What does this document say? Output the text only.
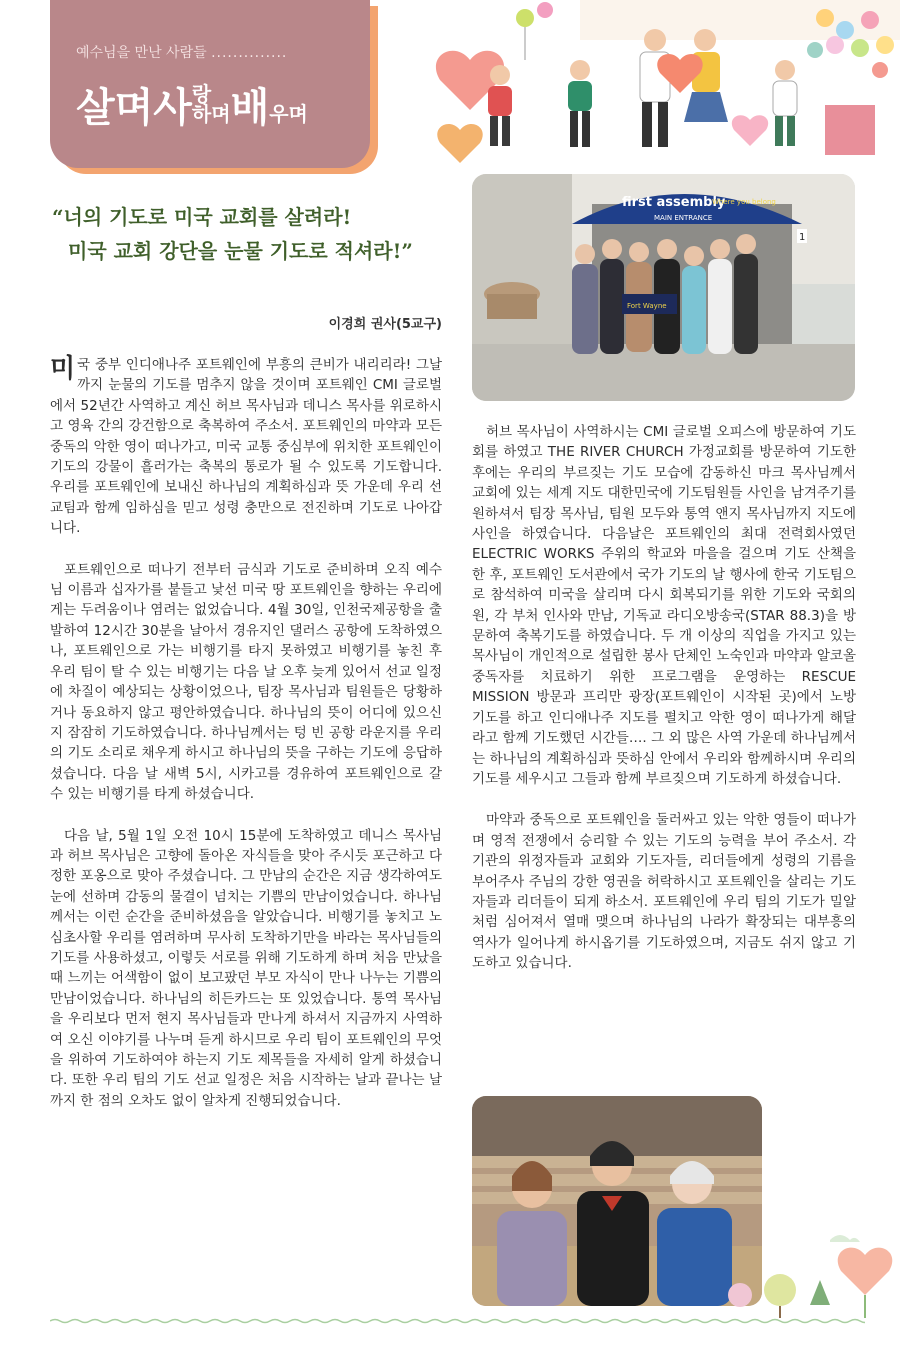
예수님을 만난 사람들 ..............
살며사 랑
하며 배 우며
“너의 기도로 미국 교회를 살려라!
미국 교회 강단을 눈물 기도로 적셔라!”
이경희 권사(5교구)

미국 중부 인디애나주 포트웨인에 부흥의 큰비가 내리리라! 그날까지 눈물의 기도를 멈추지 않을 것이며 포트웨인 CMI 글로벌에서 52년간 사역하고 계신 허브 목사님과 데니스 목사를 위로하시고 영육 간의 강건함으로 축복하여 주소서. 포트웨인의 마약과 모든 중독의 악한 영이 떠나가고, 미국 교통 중심부에 위치한 포트웨인이 기도의 강물이 흘러가는 축복의 통로가 될 수 있도록 기도합니다. 우리를 포트웨인에 보내신 하나님의 계획하심과 뜻 가운데 우리 선교팀과 함께 임하심을 믿고 성령 충만으로 전진하며 기도로 나아갑니다.

포트웨인으로 떠나기 전부터 금식과 기도로 준비하며 오직 예수님 이름과 십자가를 붙들고 낯선 미국 땅 포트웨인을 향하는 우리에게는 두려움이나 염려는 없었습니다. 4월 30일, 인천국제공항을 출발하여 12시간 30분을 날아서 경유지인 댈러스 공항에 도착하였으나, 포트웨인으로 가는 비행기를 타지 못하였고 비행기를 놓친 후 우리 팀이 탈 수 있는 비행기는 다음 날 오후 늦게 있어서 선교 일정에 차질이 예상되는 상황이었으나, 팀장 목사님과 팀원들은 당황하거나 동요하지 않고 평안하였습니다. 하나님의 뜻이 어디에 있으신지 잠잠히 기도하였습니다. 하나님께서는 텅 빈 공항 라운지를 우리의 기도 소리로 채우게 하시고 하나님의 뜻을 구하는 기도에 응답하셨습니다. 다음 날 새벽 5시, 시카고를 경유하여 포트웨인으로 갈 수 있는 비행기를 타게 하셨습니다.

다음 날, 5월 1일 오전 10시 15분에 도착하였고 데니스 목사님과 허브 목사님은 고향에 돌아온 자식들을 맞아 주시듯 포근하고 다정한 포옹으로 맞아 주셨습니다. 그 만남의 순간은 지금 생각하여도 눈에 선하며 감동의 물결이 넘치는 기쁨의 만남이었습니다. 하나님께서는 이런 순간을 준비하셨음을 알았습니다. 비행기를 놓치고 노심초사할 우리를 염려하며 무사히 도착하기만을 바라는 목사님들의 기도를 사용하셨고, 이렇듯 서로를 위해 기도하게 하며 처음 만났을 때 느끼는 어색함이 없이 보고팠던 부모 자식이 만나 나누는 기쁨의 만남이었습니다. 하나님의 히든카드는 또 있었습니다. 통역 목사님을 우리보다 먼저 현지 목사님들과 만나게 하셔서 지금까지 사역하여 오신 이야기를 나누며 듣게 하시므로 우리 팀이 포트웨인의 무엇을 위하여 기도하여야 하는지 기도 제목들을 자세히 알게 하셨습니다. 또한 우리 팀의 기도 선교 일정은 처음 시작하는 날과 끝나는 날까지 한 점의 오차도 없이 알차게 진행되었습니다.

first assembly
Where you belong
MAIN ENTRANCE
1
Fort Wayne

허브 목사님이 사역하시는 CMI 글로벌 오피스에 방문하여 기도회를 하였고 THE RIVER CHURCH 가정교회를 방문하여 기도한 후에는 우리의 부르짖는 기도 모습에 감동하신 마크 목사님께서 교회에 있는 세계 지도 대한민국에 기도팀원들 사인을 남겨주기를 원하셔서 팀장 목사님, 팀원 모두와 통역 앤지 목사님까지 지도에 사인을 하였습니다. 다음날은 포트웨인의 최대 전력회사였던 ELECTRIC WORKS 주위의 학교와 마을을 걸으며 기도 산책을 한 후, 포트웨인 도서관에서 국가 기도의 날 행사에 한국 기도팀으로 참석하여 미국을 살리며 다시 회복되기를 위한 기도와 국회의원, 각 부처 인사와 만남, 기독교 라디오방송국(STAR 88.3)을 방문하여 축복기도를 하였습니다. 두 개 이상의 직업을 가지고 있는 목사님이 개인적으로 설립한 봉사 단체인 노숙인과 마약과 알코올 중독자를 치료하기 위한 프로그램을 운영하는 RESCUE MISSION 방문과 프리만 광장(포트웨인이 시작된 곳)에서 노방 기도를 하고 인디애나주 지도를 펼치고 악한 영이 떠나가게 해달라고 함께 기도했던 시간들…. 그 외 많은 사역 가운데 하나님께서는 하나님의 계획하심과 뜻하심 안에서 우리와 함께하시며 우리의 기도를 세우시고 그들과 함께 부르짖으며 기도하게 하셨습니다.

마약과 중독으로 포트웨인을 둘러싸고 있는 악한 영들이 떠나가며 영적 전쟁에서 승리할 수 있는 기도의 능력을 부어 주소서. 각 기관의 위정자들과 교회와 기도자들, 리더들에게 성령의 기름을 부어주사 주님의 강한 영권을 허락하시고 포트웨인을 살리는 기도자들과 리더들이 되게 하소서. 포트웨인에 우리 팀의 기도가 밀알처럼 심어져서 열매 맺으며 하나님의 나라가 확장되는 대부흥의 역사가 일어나게 하시옵기를 기도하였으며, 지금도 쉬지 않고 기도하고 있습니다.
